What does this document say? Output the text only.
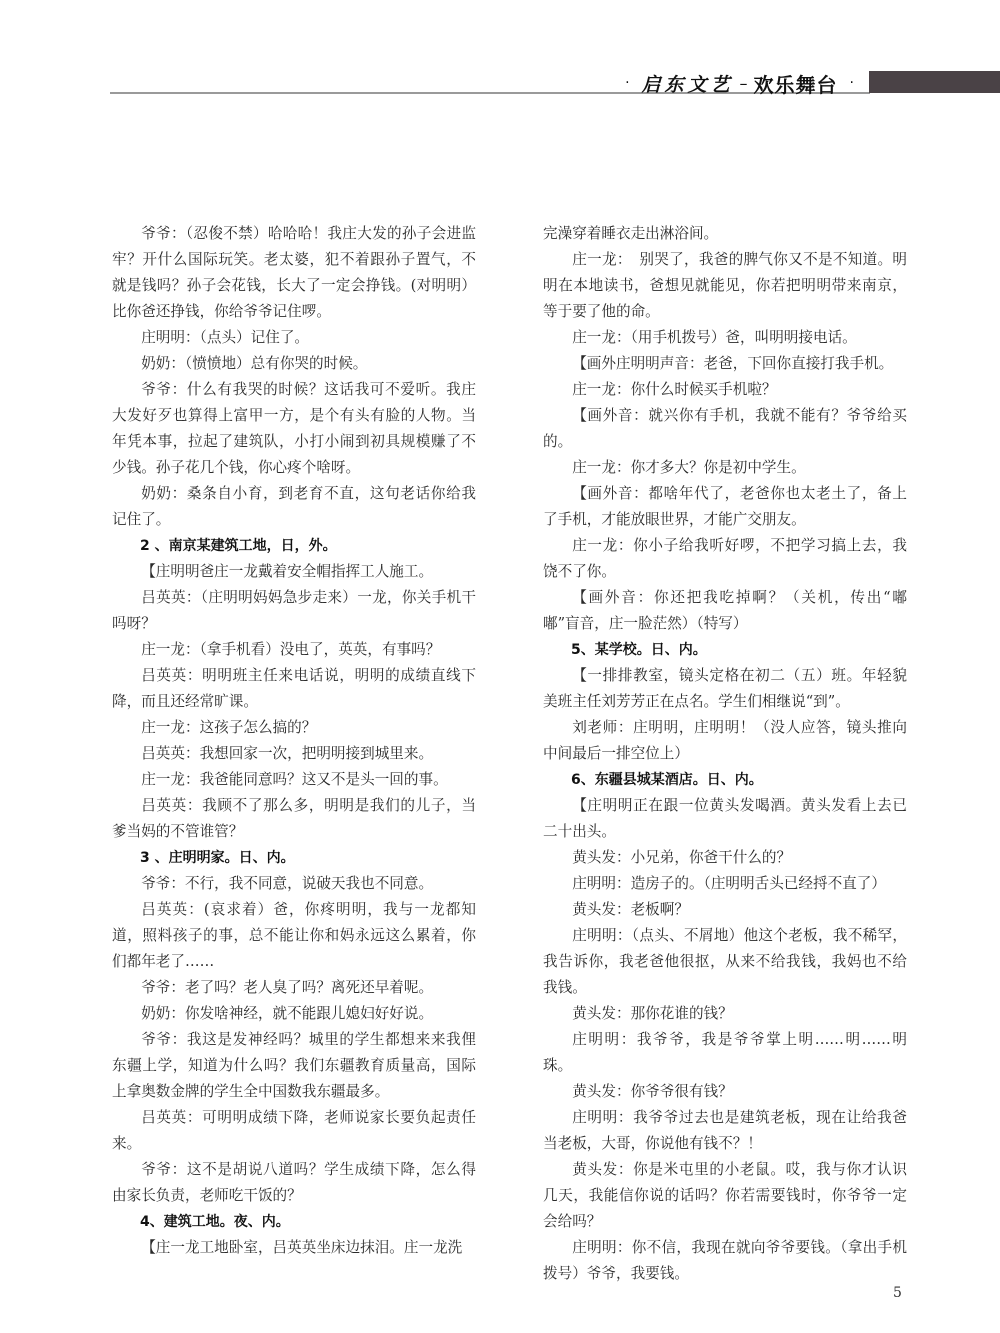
· 启东文艺 – 欢乐舞台 ·

爷爷：（忍俊不禁）哈哈哈！我庄大发的孙子会进监牢？开什么国际玩笑。老太婆，犯不着跟孙子置气，不就是钱吗？孙子会花钱，长大了一定会挣钱。(对明明）比你爸还挣钱，你给爷爷记住啰。

庄明明：（点头）记住了。

奶奶：（愤愤地）总有你哭的时候。

爷爷：什么有我哭的时候？这话我可不爱听。我庄大发好歹也算得上富甲一方，是个有头有脸的人物。当年凭本事，拉起了建筑队，小打小闹到初具规模赚了不少钱。孙子花几个钱，你心疼个啥呀。

奶奶：桑条自小育，到老育不直，这句老话你给我记住了。

2 、南京某建筑工地，日，外。

【庄明明爸庄一龙戴着安全帽指挥工人施工。

吕英英：（庄明明妈妈急步走来）一龙，你关手机干吗呀？

庄一龙：（拿手机看）没电了，英英，有事吗？

吕英英：明明班主任来电话说，明明的成绩直线下降，而且还经常旷课。

庄一龙：这孩子怎么搞的？

吕英英：我想回家一次，把明明接到城里来。

庄一龙：我爸能同意吗？这又不是头一回的事。

吕英英：我顾不了那么多，明明是我们的儿子，当爹当妈的不管谁管？

3 、庄明明家。日、内。

爷爷：不行，我不同意，说破天我也不同意。

吕英英：(哀求着）爸，你疼明明，我与一龙都知道，照料孩子的事，总不能让你和妈永远这么累着，你们都年老了……

爷爷：老了吗？老人臭了吗？离死还早着呢。

奶奶：你发啥神经，就不能跟儿媳妇好好说。

爷爷：我这是发神经吗？城里的学生都想来来我俚东疆上学，知道为什么吗？我们东疆教育质量高，国际上拿奥数金牌的学生全中国数我东疆最多。

吕英英：可明明成绩下降，老师说家长要负起责任来。

爷爷：这不是胡说八道吗？学生成绩下降，怎么得由家长负责，老师吃干饭的？

4、建筑工地。夜、内。

【庄一龙工地卧室，吕英英坐床边抹泪。庄一龙洗

完澡穿着睡衣走出淋浴间。

庄一龙：　别哭了，我爸的脾气你又不是不知道。明明在本地读书，爸想见就能见，你若把明明带来南京，等于要了他的命。

庄一龙：（用手机拨号）爸，叫明明接电话。

【画外庄明明声音：老爸，下回你直接打我手机。

庄一龙：你什么时候买手机啦？

【画外音：就兴你有手机，我就不能有？爷爷给买的。

庄一龙：你才多大？你是初中学生。

【画外音：都啥年代了，老爸你也太老土了，备上了手机，才能放眼世界，才能广交朋友。

庄一龙：你小子给我听好啰，不把学习搞上去，我饶不了你。

【画外音：你还把我吃掉啊？（关机，传出“嘟嘟”盲音，庄一脸茫然）（特写）

5、某学校。日、内。

【一排排教室，镜头定格在初二（五）班。年轻貌美班主任刘芳芳正在点名。学生们相继说“到”。

刘老师：庄明明，庄明明！（没人应答，镜头推向中间最后一排空位上）

6、东疆县城某酒店。日、内。

【庄明明正在跟一位黄头发喝酒。黄头发看上去已二十出头。

黄头发：小兄弟，你爸干什么的？

庄明明：造房子的。（庄明明舌头已经捋不直了）

黄头发：老板啊？

庄明明：（点头、不屑地）他这个老板，我不稀罕，我告诉你，我老爸他很抠，从来不给我钱，我妈也不给我钱。

黄头发：那你花谁的钱？

庄明明：我爷爷，我是爷爷掌上明……明……明珠。

黄头发：你爷爷很有钱？

庄明明：我爷爷过去也是建筑老板，现在让给我爸当老板，大哥，你说他有钱不？！

黄头发：你是米屯里的小老鼠。哎，我与你才认识几天，我能信你说的话吗？你若需要钱时，你爷爷一定会给吗？

庄明明：你不信，我现在就向爷爷要钱。（拿出手机拨号）爷爷，我要钱。

5
